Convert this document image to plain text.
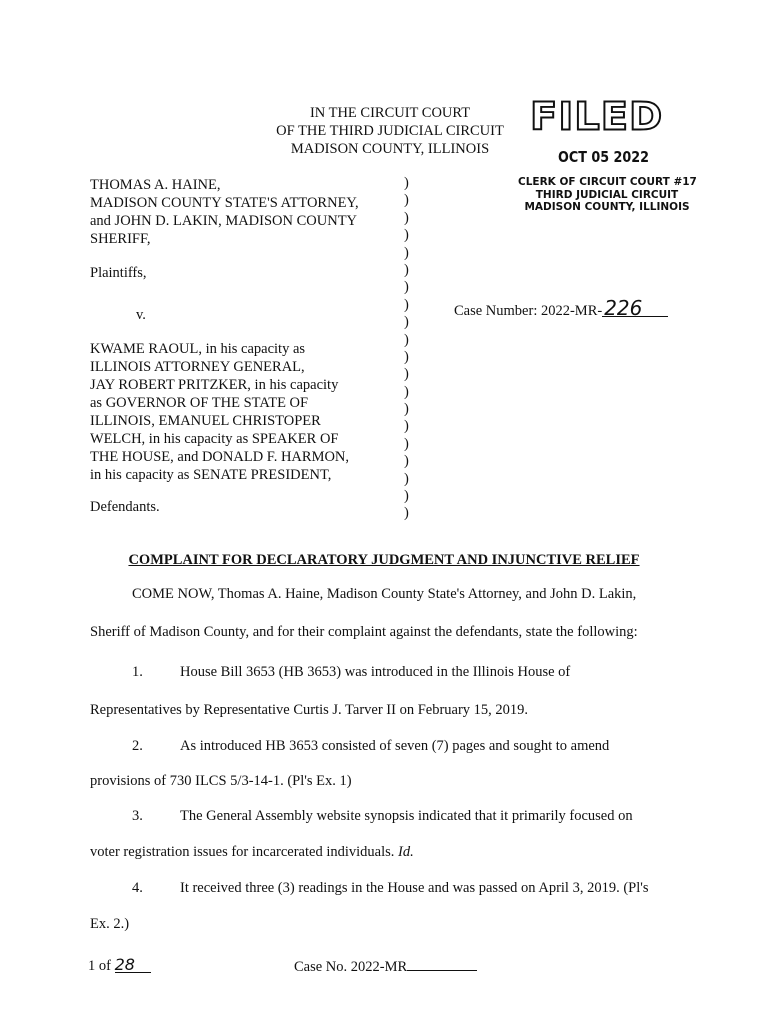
IN THE CIRCUIT COURT
OF THE THIRD JUDICIAL CIRCUIT
MADISON COUNTY, ILLINOIS
FILED
OCT 05 2022
CLERK OF CIRCUIT COURT #17
THIRD JUDICIAL CIRCUIT
MADISON COUNTY, ILLINOIS
THOMAS A. HAINE,
MADISON COUNTY STATE'S ATTORNEY,
and JOHN D. LAKIN, MADISON COUNTY
SHERIFF,
Plaintiffs,
v.
KWAME RAOUL, in his capacity as
ILLINOIS ATTORNEY GENERAL,
JAY ROBERT PRITZKER, in his capacity
as GOVERNOR OF THE STATE OF
ILLINOIS, EMANUEL CHRISTOPER
WELCH, in his capacity as SPEAKER OF
THE HOUSE, and DONALD F. HARMON,
in his capacity as SENATE PRESIDENT,
Defendants.
)
)
)
)
)
)
)
)
)
)
)
)
)
)
)
)
)
)
)
)
Case Number: 2022-MR- 226
COMPLAINT FOR DECLARATORY JUDGMENT AND INJUNCTIVE RELIEF
COME NOW, Thomas A. Haine, Madison County State's Attorney, and John D. Lakin,
Sheriff of Madison County, and for their complaint against the defendants, state the following:
1.	House Bill 3653 (HB 3653) was introduced in the Illinois House of
Representatives by Representative Curtis J. Tarver II on February 15, 2019.
2.	As introduced HB 3653 consisted of seven (7) pages and sought to amend
provisions of 730 ILCS 5/3-14-1. (Pl's Ex. 1)
3.	The General Assembly website synopsis indicated that it primarily focused on
voter registration issues for incarcerated individuals. Id.
4.	It received three (3) readings in the House and was passed on April 3, 2019. (Pl's
Ex. 2.)
1 of 28	Case No. 2022-MR
